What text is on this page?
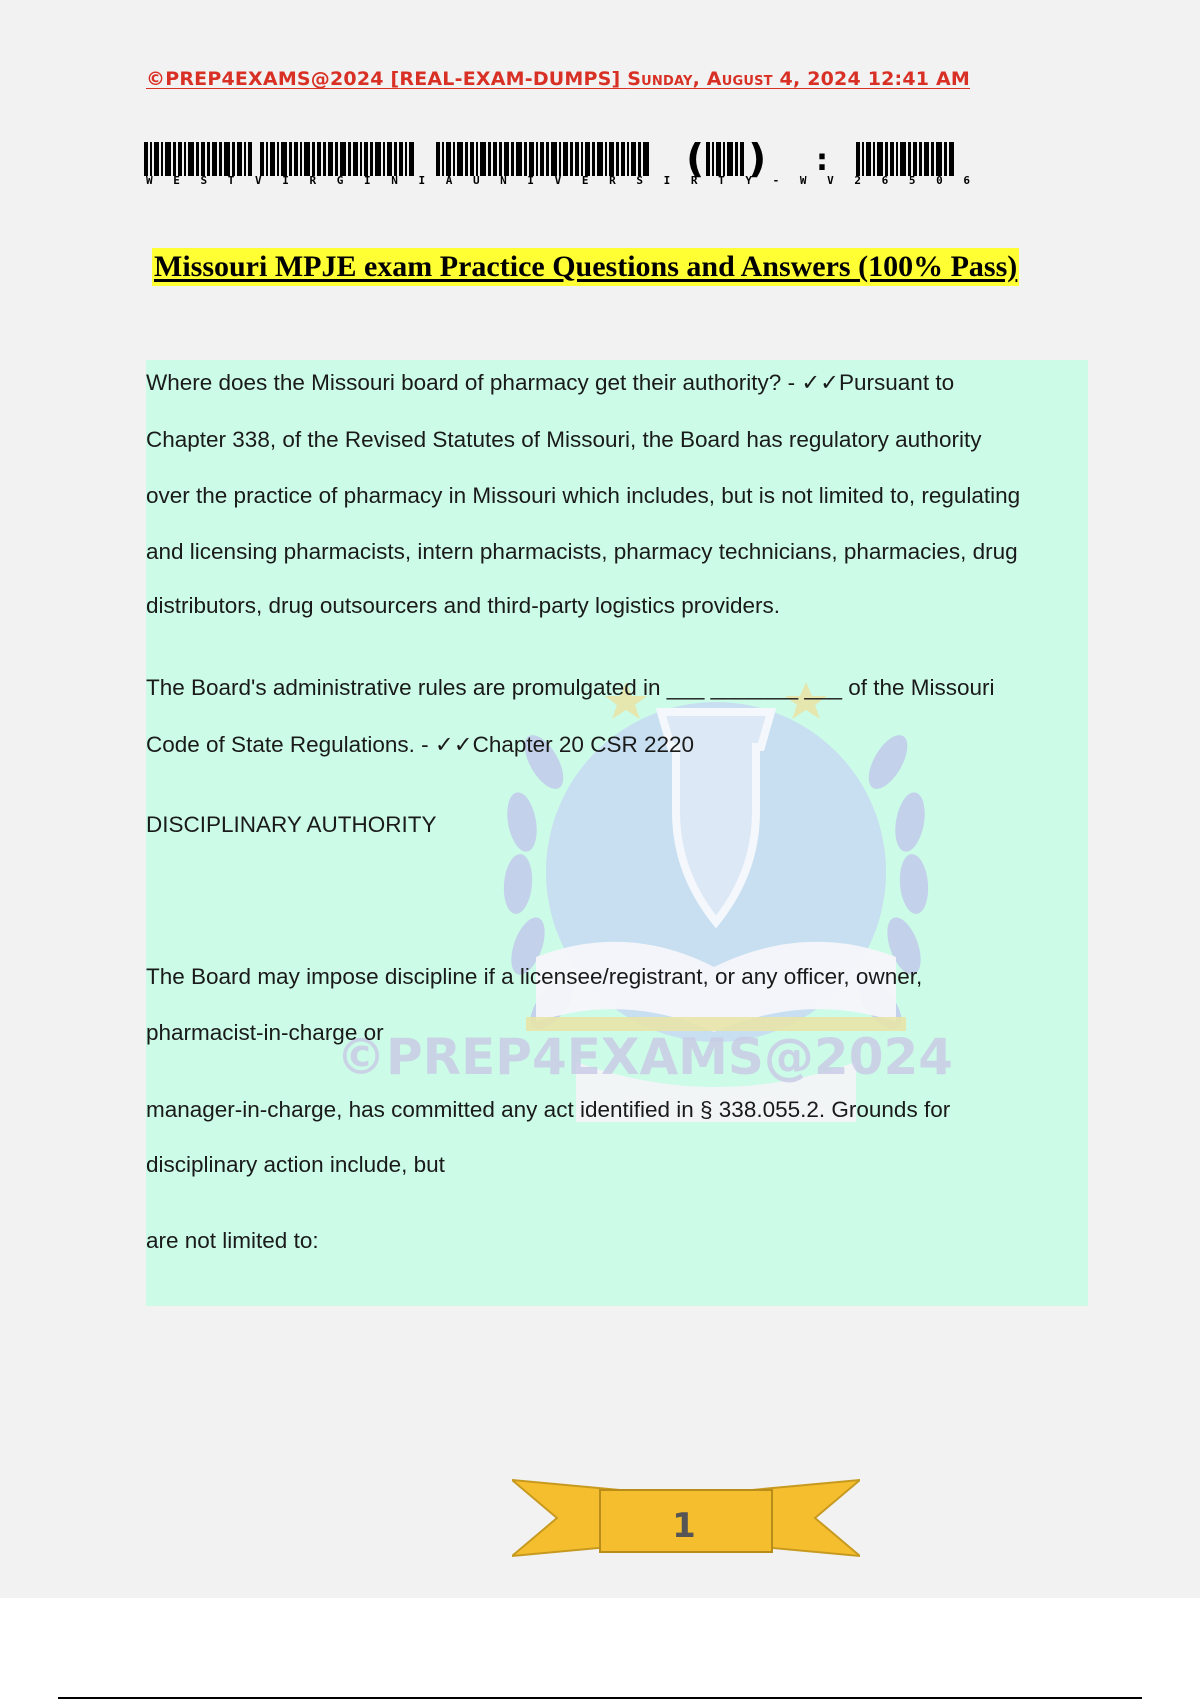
©PREP4EXAMS@2024 [REAL-EXAM-DUMPS] Sunday, August 4, 2024 12:41 AM
( ) :
W E S T V I R G I N I A U N I V E R S I R T Y - W V 2 6 5 0 6
Missouri MPJE exam Practice Questions and Answers (100% Pass)
©PREP4EXAMS@2024
Where does the Missouri board of pharmacy get their authority? - ✓✓Pursuant to
Chapter 338, of the Revised Statutes of Missouri, the Board has regulatory authority
over the practice of pharmacy in Missouri which includes, but is not limited to, regulating
and licensing pharmacists, intern pharmacists, pharmacy technicians, pharmacies, drug
distributors, drug outsourcers and third-party logistics providers.
The Board's administrative rules are promulgated in ___ _______ ___ of the Missouri
Code of State Regulations. - ✓✓Chapter 20 CSR 2220
DISCIPLINARY AUTHORITY
The Board may impose discipline if a licensee/registrant, or any officer, owner,
pharmacist-in-charge or
manager-in-charge, has committed any act identified in § 338.055.2. Grounds for
disciplinary action include, but
are not limited to:
1
